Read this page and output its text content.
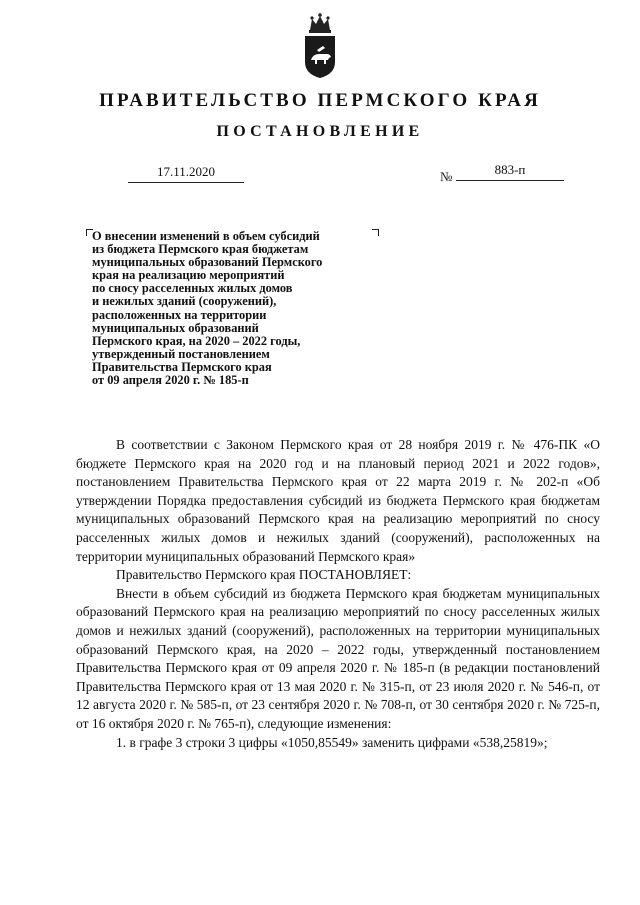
ПРАВИТЕЛЬСТВО ПЕРМСКОГО КРАЯ
ПОСТАНОВЛЕНИЕ
17.11.2020	№	883-п
О внесении изменений в объем субсидий
из бюджета Пермского края бюджетам
муниципальных образований Пермского
края на реализацию мероприятий
по сносу расселенных жилых домов
и нежилых зданий (сооружений),
расположенных на территории
муниципальных образований
Пермского края, на 2020 – 2022 годы,
утвержденный постановлением
Правительства Пермского края
от 09 апреля 2020 г. № 185-п

В соответствии с Законом Пермского края от 28 ноября 2019 г. № 476-ПК «О бюджете Пермского края на 2020 год и на плановый период 2021 и 2022 годов», постановлением Правительства Пермского края от 22 марта 2019 г. № 202-п «Об утверждении Порядка предоставления субсидий из бюджета Пермского края бюджетам муниципальных образований Пермского края на реализацию мероприятий по сносу расселенных жилых домов и нежилых зданий (сооружений), расположенных на территории муниципальных образований Пермского края»

Правительство Пермского края ПОСТАНОВЛЯЕТ:

Внести в объем субсидий из бюджета Пермского края бюджетам муниципальных образований Пермского края на реализацию мероприятий по сносу расселенных жилых домов и нежилых зданий (сооружений), расположенных на территории муниципальных образований Пермского края, на 2020 – 2022 годы, утвержденный постановлением Правительства Пермского края от 09 апреля 2020 г. № 185-п (в редакции постановлений Правительства Пермского края от 13 мая 2020 г. № 315-п, от 23 июля 2020 г. № 546-п, от 12 августа 2020 г. № 585-п, от 23 сентября 2020 г. № 708-п, от 30 сентября 2020 г. № 725-п, от 16 октября 2020 г. № 765-п), следующие изменения:

1. в графе 3 строки 3 цифры «1050,85549» заменить цифрами «538,25819»;
